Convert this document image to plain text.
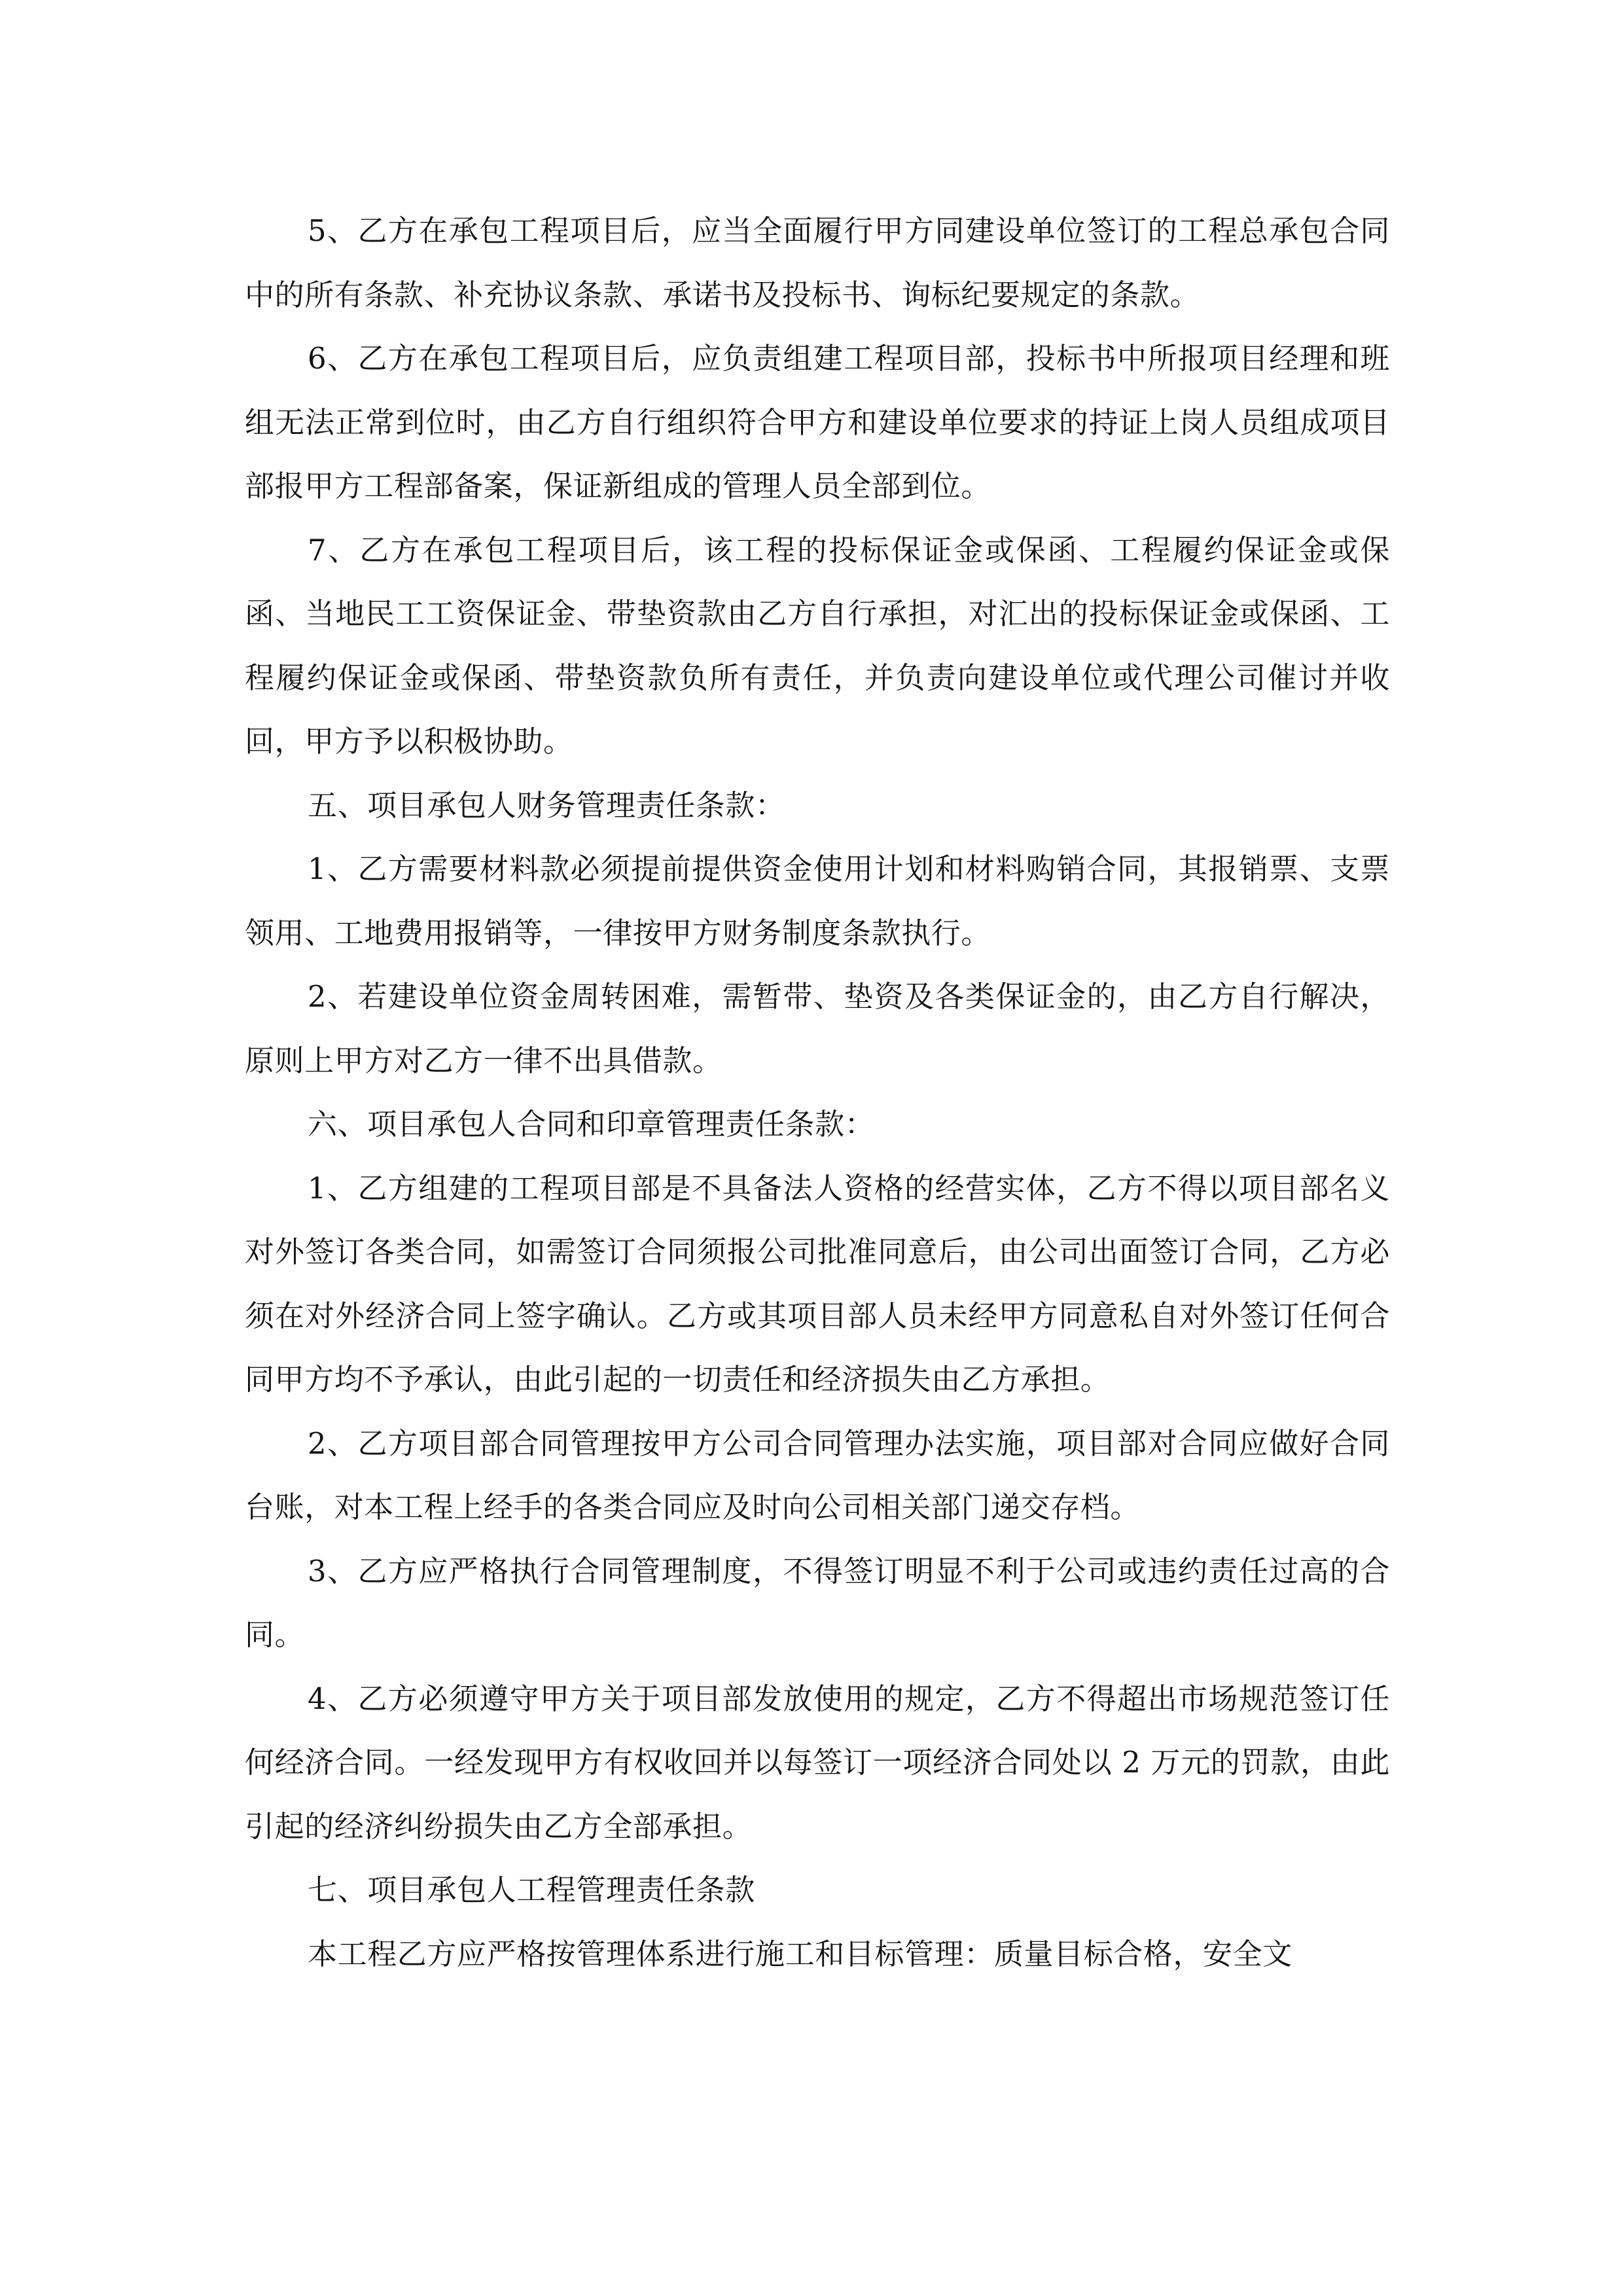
5、乙方在承包工程项目后，应当全面履行甲方同建设单位签订的工程总承包合同中的所有条款、补充协议条款、承诺书及投标书、询标纪要规定的条款。

6、乙方在承包工程项目后，应负责组建工程项目部，投标书中所报项目经理和班组无法正常到位时，由乙方自行组织符合甲方和建设单位要求的持证上岗人员组成项目部报甲方工程部备案，保证新组成的管理人员全部到位。

7、乙方在承包工程项目后，该工程的投标保证金或保函、工程履约保证金或保函、当地民工工资保证金、带垫资款由乙方自行承担，对汇出的投标保证金或保函、工程履约保证金或保函、带垫资款负所有责任，并负责向建设单位或代理公司催讨并收回，甲方予以积极协助。

五、项目承包人财务管理责任条款：

1、乙方需要材料款必须提前提供资金使用计划和材料购销合同，其报销票、支票领用、工地费用报销等，一律按甲方财务制度条款执行。

2、若建设单位资金周转困难，需暂带、垫资及各类保证金的，由乙方自行解决，原则上甲方对乙方一律不出具借款。

六、项目承包人合同和印章管理责任条款：

1、乙方组建的工程项目部是不具备法人资格的经营实体，乙方不得以项目部名义对外签订各类合同，如需签订合同须报公司批准同意后，由公司出面签订合同，乙方必须在对外经济合同上签字确认。乙方或其项目部人员未经甲方同意私自对外签订任何合同甲方均不予承认，由此引起的一切责任和经济损失由乙方承担。

2、乙方项目部合同管理按甲方公司合同管理办法实施，项目部对合同应做好合同台账，对本工程上经手的各类合同应及时向公司相关部门递交存档。

3、乙方应严格执行合同管理制度，不得签订明显不利于公司或违约责任过高的合同。

4、乙方必须遵守甲方关于项目部发放使用的规定，乙方不得超出市场规范签订任何经济合同。一经发现甲方有权收回并以每签订一项经济合同处以 2 万元的罚款，由此引起的经济纠纷损失由乙方全部承担。

七、项目承包人工程管理责任条款

本工程乙方应严格按管理体系进行施工和目标管理：质量目标合格，安全文
